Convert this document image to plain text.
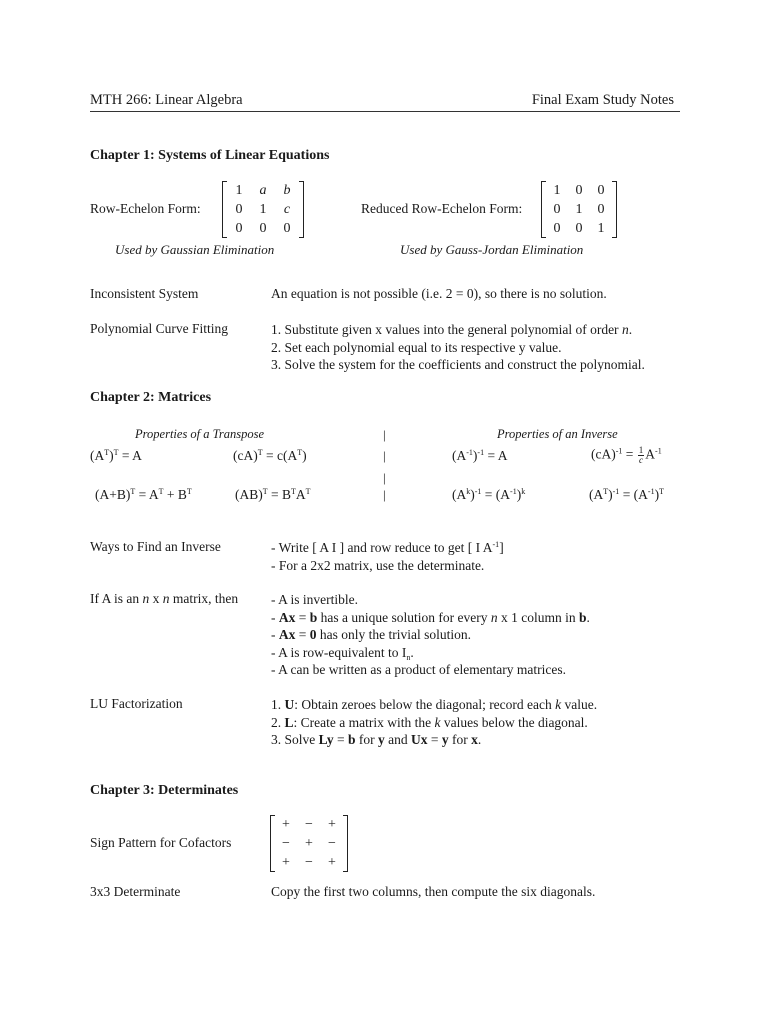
MTH 266: Linear Algebra	Final Exam Study Notes
Chapter 1: Systems of Linear Equations
Row-Echelon Form:
1	a	b
0	1	c
0	0	0
Reduced Row-Echelon Form:
1	0	0
0	1	0
0	0	1
Used by Gaussian Elimination	Used by Gauss-Jordan Elimination
Inconsistent System	An equation is not possible (i.e. 2 = 0), so there is no solution.
Polynomial Curve Fitting	1. Substitute given x values into the general polynomial of order n.
2. Set each polynomial equal to its respective y value.
3. Solve the system for the coefficients and construct the polynomial.
Chapter 2: Matrices
Properties of a Transpose	Properties of an Inverse
|
|
|
|
$(A^T)^T = A$	$(cA)^T = c(A^T)$	$(A^{-1})^{-1} = A$	$(cA)^{-1} = \frac{1}{c} A^{-1}$
$(A+B)^T = A^T + B^T$	$(AB)^T = B^TA^T$	$(A^k)^{-1} = (A^{-1})^k$	$(A^T)^{-1} = (A^{-1})^T$
Ways to Find an Inverse	- Write [ A I ] and row reduce to get [ I $A^{-1}$]
- For a 2x2 matrix, use the determinate.
If A is an n x n matrix, then - A is invertible.
- Ax = b has a unique solution for every n x 1 column in b.
- Ax = 0 has only the trivial solution.
- A is row-equivalent to $I_n$.
- A can be written as a product of elementary matrices.
LU Factorization	1. U: Obtain zeroes below the diagonal; record each k value.
2. L: Create a matrix with the k values below the diagonal.
3. Solve Ly = b for y and Ux = y for x.
Chapter 3: Determinates
Sign Pattern for Cofactors
+	−	+
−	+	−
+	−	+
3x3 Determinate	Copy the first two columns, then compute the six diagonals.
